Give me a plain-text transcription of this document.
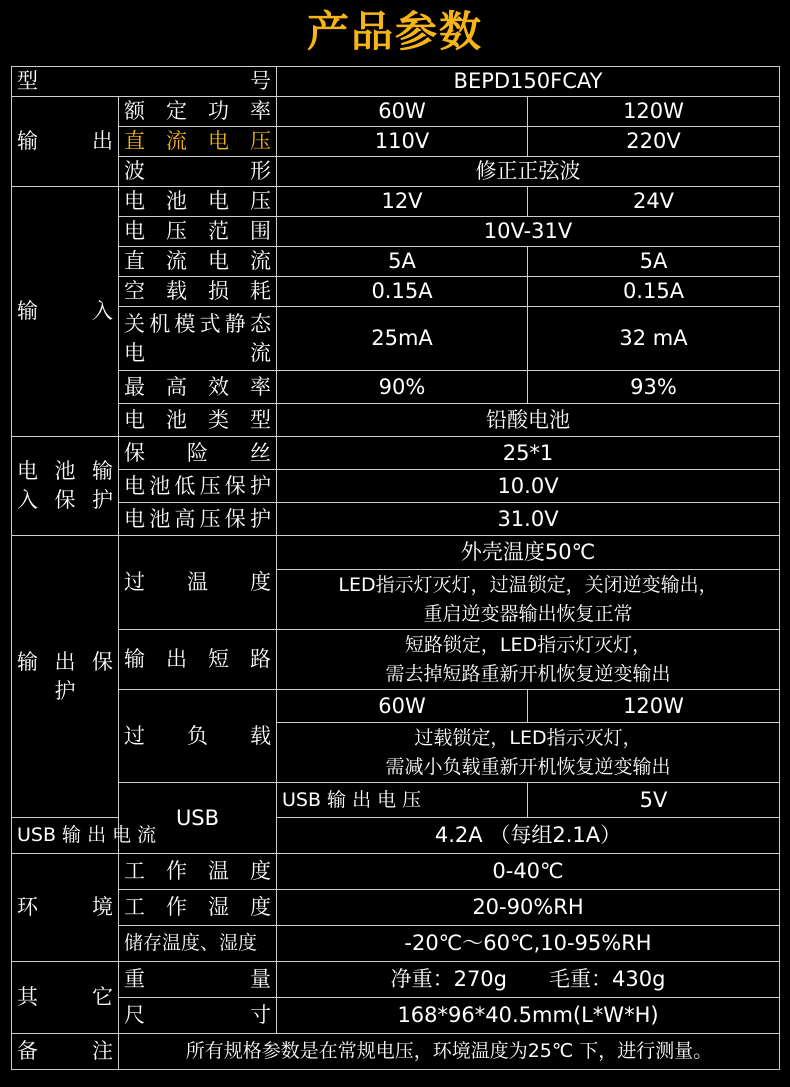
产品参数
型　　　　　　　号		BEPD150FCAY	
输　　出	额 定 功 率	60W	120W
	直 流 电 压	110V	220V
	波　　　形	修正正弦波	
输　　入	电 池 电 压	12V	24V
	电 压 范 围	10V-31V	
	直 流 电 流	5A	5A
	空 载 损 耗	0.15A	0.15A

	关机模式静态
电　　　流	25mA	32 mA
	最 高 效 率	90%	93%
	电 池 类 型	铅酸电池	

电 池 输
入 保 护	保　险　丝	25*1	
	电池低压保护	10.0V	
	电池高压保护	31.0V	

输 出 保
护	过　温　度	外壳温度50℃	

		LED指示灯灭灯，过温锁定，关闭逆变输出，
重启逆变器输出恢复正常	

	输 出 短 路	短路锁定，LED指示灯灭灯，
需去掉短路重新开机恢复逆变输出	

	过　负　载	60W	120W

		过载锁定，LED指示灭灯，
需减小负载重新开机恢复逆变输出	

	USB	USB 输 出 电 压	5V
USB 输 出 电 流		4.2A （每组2.1A）	
环　　境	工 作 温 度	0-40℃	
	工 作 湿 度	20-90%RH	
	储存温度、湿度	-20℃～60℃,10-95%RH	
其　　它	重　　　量	净重：270g　　毛重：430g	
	尺　　　寸	168*96*40.5mm(L*W*H)	
备　　注	所有规格参数是在常规电压，环境温度为25℃ 下，进行测量。		
